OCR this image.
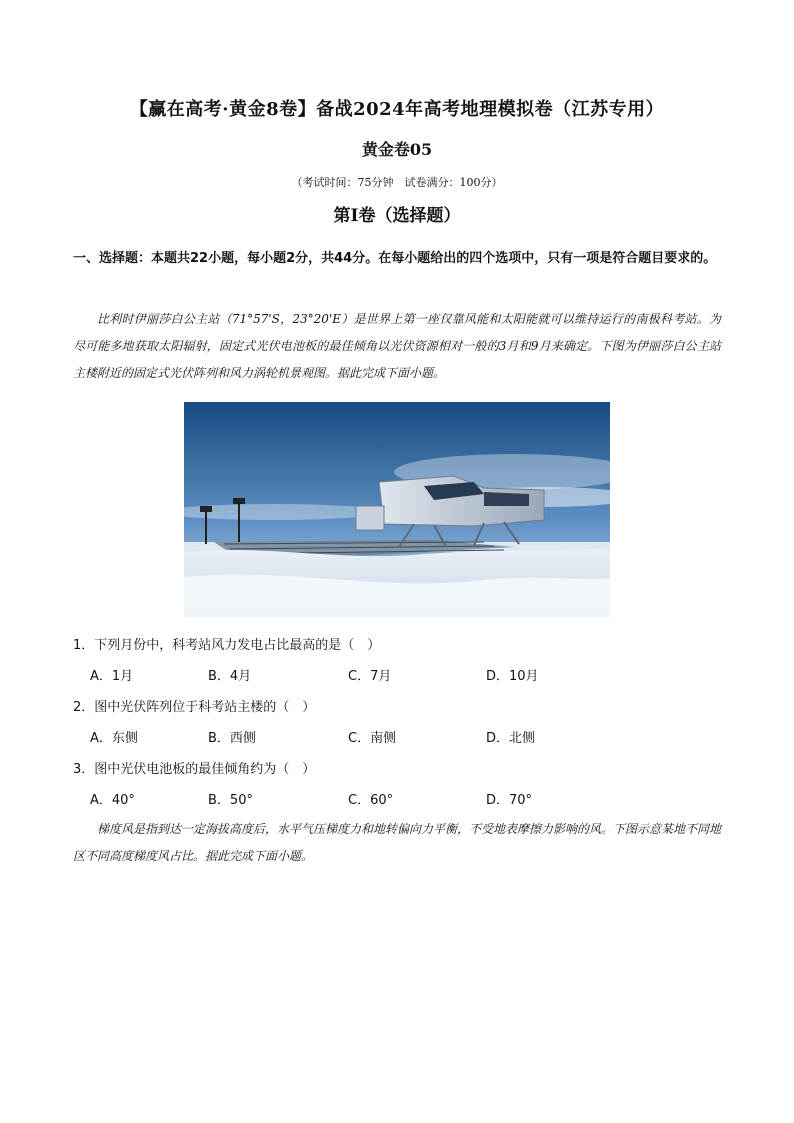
【赢在高考·黄金8卷】备战2024年高考地理模拟卷（江苏专用）
黄金卷05
（考试时间：75分钟　试卷满分：100分）
第Ⅰ卷（选择题）
一、选择题：本题共22小题，每小题2分，共44分。在每小题给出的四个选项中，只有一项是符合题目要求的。
比利时伊丽莎白公主站（71°57'S，23°20'E）是世界上第一座仅靠风能和太阳能就可以维持运行的南极科考站。为尽可能多地获取太阳辐射，固定式光伏电池板的最佳倾角以光伏资源相对一般的3月和9月来确定。下图为伊丽莎白公主站主楼附近的固定式光伏阵列和风力涡轮机景观图。据此完成下面小题。
1．下列月份中，科考站风力发电占比最高的是（　）
A．1月	B．4月	C．7月	D．10月
2．图中光伏阵列位于科考站主楼的（　）
A．东侧	B．西侧	C．南侧	D．北侧
3．图中光伏电池板的最佳倾角约为（　）
A．40°	B．50°	C．60°	D．70°
梯度风是指到达一定海拔高度后，水平气压梯度力和地转偏向力平衡，不受地表摩擦力影响的风。下图示意某地不同地区不同高度梯度风占比。据此完成下面小题。
